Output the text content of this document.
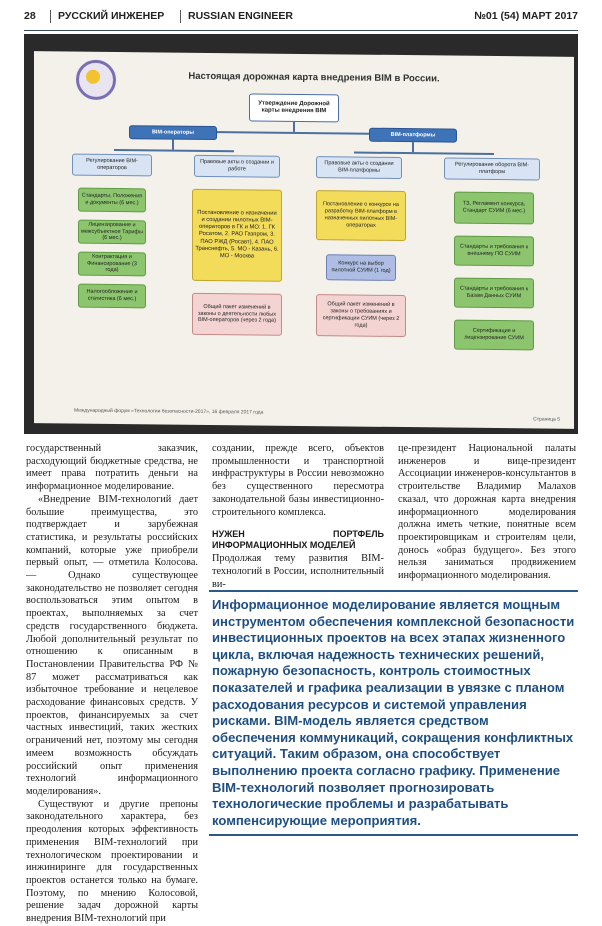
28 РУССКИЙ ИНЖЕНЕР RUSSIAN ENGINEER	№01 (54) МАРТ 2017
Настоящая дорожная карта внедрения BIM в России.
Утверждение Дорожной карты внедрения BIM
BIM-операторы	BIM-платформы
Регулирование BIM-операторов
Правовые акты о создании и работе
Правовые акты о создании BIM-платформы
Регулирование оборота BIM-платформ
Стандарты, Положения и документы (6 мес.)
Лицензирование и межсубъектное Тарифы (6 мес.)
Контрактация и Финансирование (3 года)
Налогообложение и статистика (6 мес.)
Постановление о назначении и создании пилотных BIM-операторов в ГК и МО: 1. ГК Росатом, 2. РАО Газпром, 3. ПАО РЖД (Росавт), 4. ПАО Транснефть, 5. МО - Казань, 6. МО - Москва
Общий пакет изменений в законы о деятельности любых BIM-операторов (через 2 года)
Постановление о конкурсе на разработку BIM-платформ в назначенных пилотных BIM-операторах
Конкурс на выбор пилотной СУИМ (1 год)
Общий пакет изменений в законы о требованиях и сертификации СУИМ (через 2 года)
ТЗ, Регламент конкурса, Стандарт СУИМ (6 мес.)
Стандарты и требования к внешнему ПО СУИМ
Стандарты и требования к Базам Данных СУИМ
Сертификация и лицензирование СУИМ
Международный форум «Технологии безопасности-2017», 16 февраля 2017 года
Страница 5

государственный заказчик, расходующий бюджетные средства, не имеет права потратить деньги на информационное моделирование.

«Внедрение BIM-технологий дает большие преимущества, это подтверждает и зарубежная статистика, и результаты российских компаний, которые уже приобрели первый опыт, — отметила Колосова. — Однако существующее законодательство не позволяет сегодня воспользоваться этим опытом в проектах, выполняемых за счет средств государственного бюджета. Любой дополнительный результат по отношению к описанным в Постановлении Правительства РФ № 87 может рассматриваться как избыточное требование и нецелевое расходование финансовых средств. У проектов, финансируемых за счет частных инвестиций, таких жестких ограничений нет, поэтому мы сегодня имеем возможность обсуждать российский опыт применения технологий информационного моделирования».

Существуют и другие препоны законодательного характера, без преодоления которых эффективность применения BIM-технологий при технологическом проектировании и инжиниринге для государственных проектов останется только на бумаге. Поэтому, по мнению Колосовой, решение задач дорожной карты внедрения BIM-технологий при

создании, прежде всего, объектов промышленности и транспортной инфраструктуры в России невозможно без существенного пересмотра законодательной базы инвестиционно-строительного комплекса.

НУЖЕН ПОРТФЕЛЬ ИНФОРМАЦИОННЫХ МОДЕЛЕЙ

Продолжая тему развития BIM-технологий в России, исполнительный ви-

це-президент Национальной палаты инженеров и вице-президент Ассоциации инженеров-консультантов в строительстве Владимир Малахов сказал, что дорожная карта внедрения информационного моделирования должна иметь четкие, понятные всем проектировщикам и строителям цели, донось «образ будущего». Без этого нельзя заниматься продвижением информационного моделирования.

Информационное моделирование является мощным инструментом обеспечения комплексной безопасности инвестиционных проектов на всех этапах жизненного цикла, включая надежность технических решений, пожарную безопасность, контроль стоимостных показателей и графика реализации в увязке с планом расходования ресурсов и системой управления рисками. BIM-модель является средством обеспечения коммуникаций, сокращения конфликтных ситуаций. Таким образом, она способствует выполнению проекта согласно графику. Применение BIM-технологий позволяет прогнозировать технологические проблемы и разрабатывать компенсирующие мероприятия.
